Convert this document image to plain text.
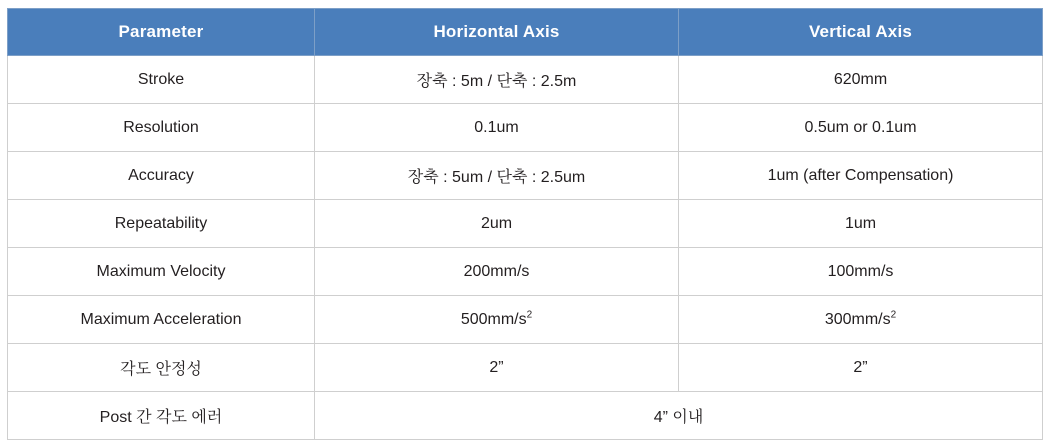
Parameter	Horizontal Axis	Vertical Axis
Stroke	장축 : 5m / 단축 : 2.5m	620mm
Resolution	0.1um	0.5um or 0.1um
Accuracy	장축 : 5um / 단축 : 2.5um	1um (after Compensation)
Repeatability	2um	1um
Maximum Velocity	200mm/s	100mm/s
Maximum Acceleration	$500mm/s^2$	$300mm/s^2$
각도 안정성	2”	2”
Post 간 각도 에러	4” 이내	
